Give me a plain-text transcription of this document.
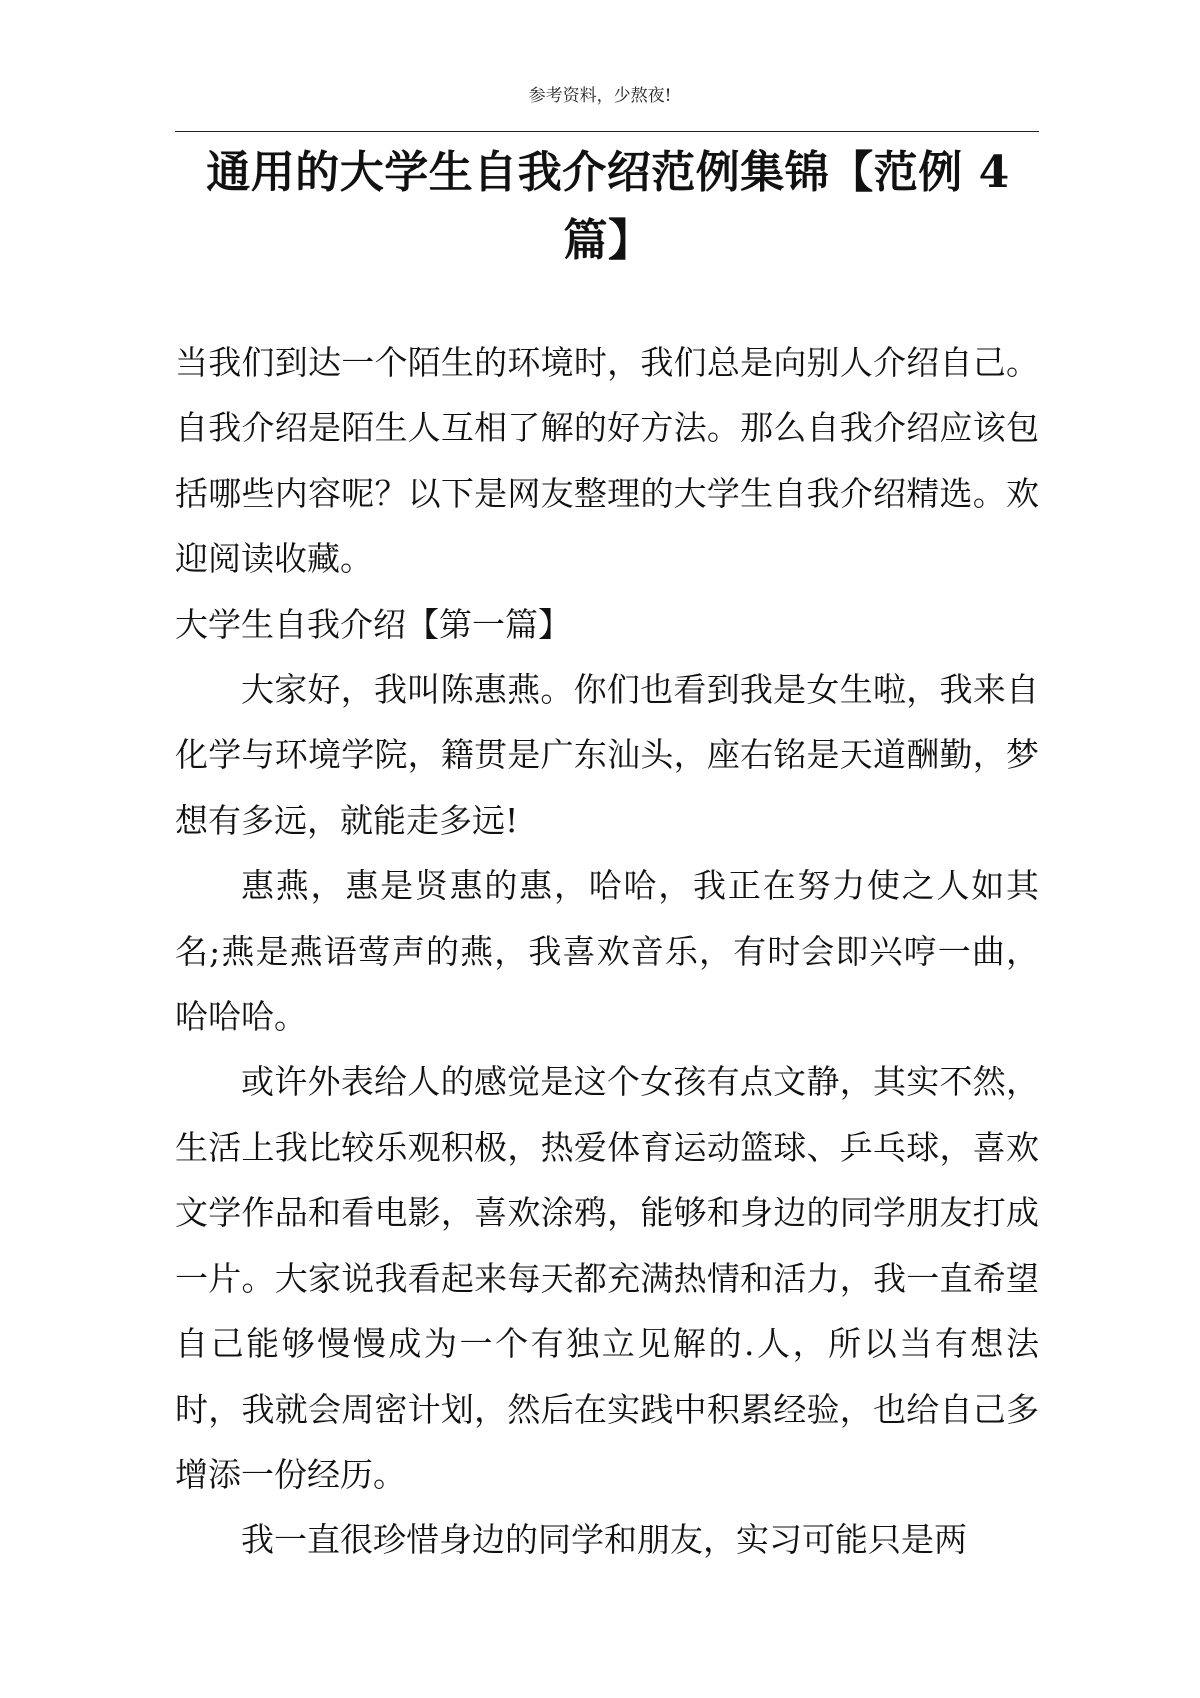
参考资料，少熬夜!
通用的大学生自我介绍范例集锦【范例 4 篇】

当我们到达一个陌生的环境时，我们总是向别人介绍自己。自我介绍是陌生人互相了解的好方法。那么自我介绍应该包括哪些内容呢？以下是网友整理的大学生自我介绍精选。欢迎阅读收藏。

大学生自我介绍【第一篇】

大家好，我叫陈惠燕。你们也看到我是女生啦，我来自化学与环境学院，籍贯是广东汕头，座右铭是天道酬勤，梦想有多远，就能走多远!

惠燕，惠是贤惠的惠，哈哈，我正在努力使之人如其名;燕是燕语莺声的燕，我喜欢音乐，有时会即兴哼一曲，哈哈哈。

或许外表给人的感觉是这个女孩有点文静，其实不然，生活上我比较乐观积极，热爱体育运动篮球、乒乓球，喜欢文学作品和看电影，喜欢涂鸦，能够和身边的同学朋友打成一片。大家说我看起来每天都充满热情和活力，我一直希望自己能够慢慢成为一个有独立见解的.人，所以当有想法时，我就会周密计划，然后在实践中积累经验，也给自己多增添一份经历。

我一直很珍惜身边的同学和朋友，实习可能只是两
